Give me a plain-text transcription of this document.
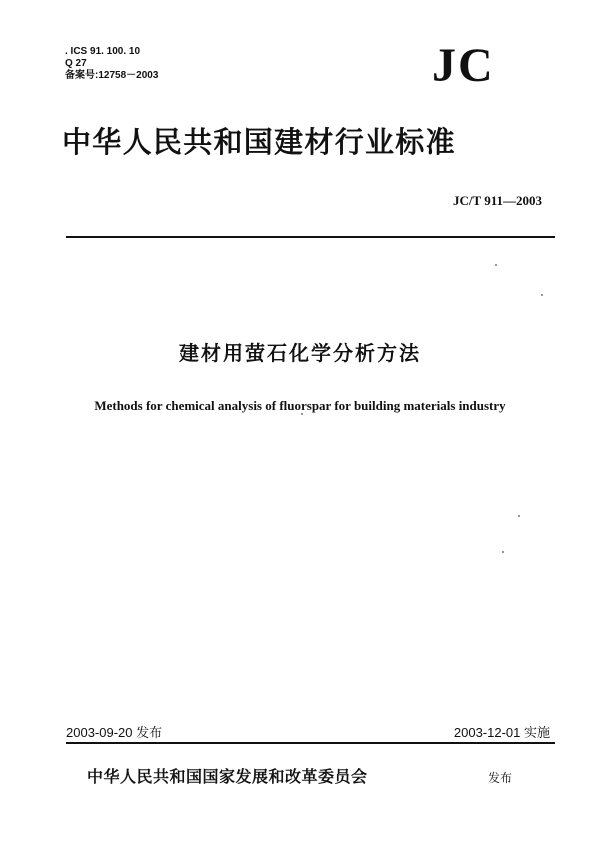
. ICS 91. 100. 10
Q 27
备案号:12758－2003	JC
中华人民共和国建材行业标准
JC/T 911—2003
建材用萤石化学分析方法
Methods for chemical analysis of fluorspar for building materials industry
2003-09-20 发布	2003-12-01 实施
中华人民共和国国家发展和改革委员会	发布
